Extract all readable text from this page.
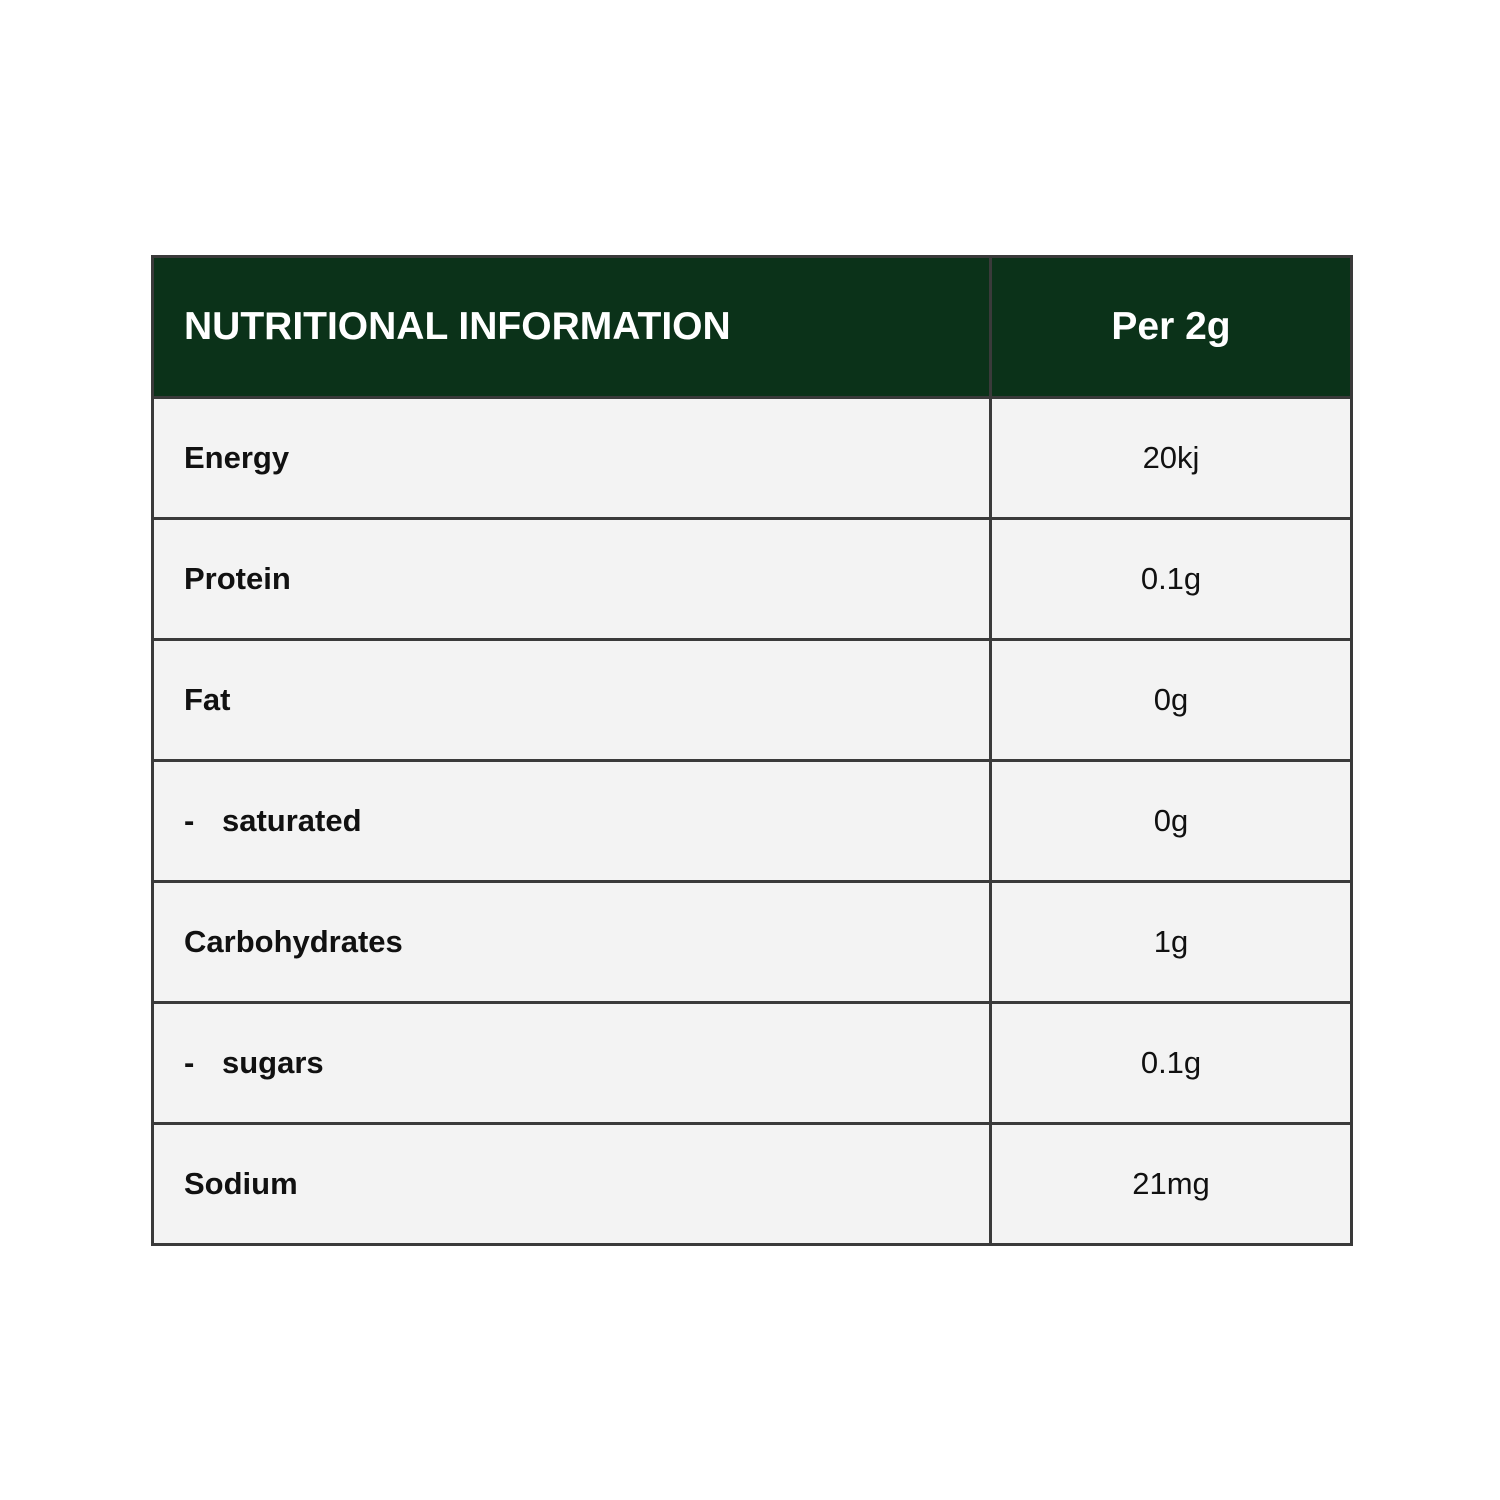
NUTRITIONAL INFORMATION	Per 2g
Energy	20kj
Protein	0.1g
Fat	0g
- saturated	0g
Carbohydrates	1g
- sugars	0.1g
Sodium	21mg
